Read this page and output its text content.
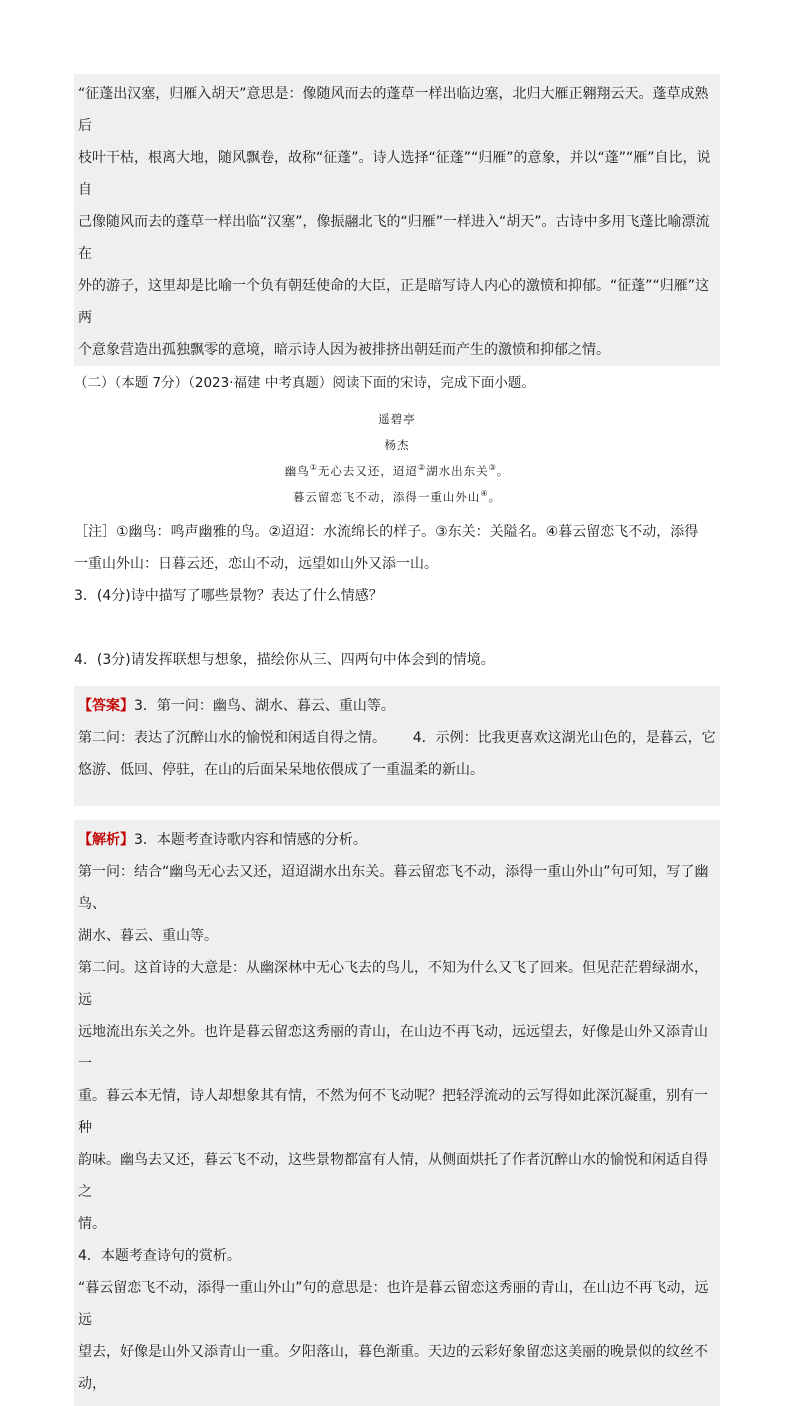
“征蓬出汉塞，归雁入胡天”意思是：像随风而去的蓬草一样出临边塞，北归大雁正翱翔云天。蓬草成熟后

枝叶干枯，根离大地，随风飘卷，故称“征蓬”。诗人选择“征蓬”“归雁”的意象，并以“蓬”“雁”自比，说自

己像随风而去的蓬草一样出临“汉塞”，像振翮北飞的“归雁”一样进入“胡天”。古诗中多用飞蓬比喻漂流在

外的游子，这里却是比喻一个负有朝廷使命的大臣，正是暗写诗人内心的激愤和抑郁。“征蓬”“归雁”这两

个意象营造出孤独飘零的意境，暗示诗人因为被排挤出朝廷而产生的激愤和抑郁之情。

（二）（本题 7分）（2023·福建 中考真题）阅读下面的宋诗，完成下面小题。

遥碧亭

杨杰

幽鸟①无心去又还，迢迢②湖水出东关③。

暮云留恋飞不动，添得一重山外山④。

［注］①幽鸟：鸣声幽雅的鸟。②迢迢：水流绵长的样子。③东关：关隘名。④暮云留恋飞不动，添得

一重山外山：日暮云还，恋山不动，远望如山外又添一山。

3．(4分)诗中描写了哪些景物？表达了什么情感？

4．(3分)请发挥联想与想象，描绘你从三、四两句中体会到的情境。

【答案】3．第一问：幽鸟、湖水、暮云、重山等。

第二问：表达了沉醉山水的愉悦和闲适自得之情。      4．示例：比我更喜欢这湖光山色的，是暮云，它

悠游、低回、停驻，在山的后面呆呆地依偎成了一重温柔的新山。

【解析】3．本题考查诗歌内容和情感的分析。

第一问：结合“幽鸟无心去又还，迢迢湖水出东关。暮云留恋飞不动，添得一重山外山”句可知，写了幽鸟、

湖水、暮云、重山等。

第二问。这首诗的大意是：从幽深林中无心飞去的鸟儿，不知为什么又飞了回来。但见茫茫碧绿湖水，远

远地流出东关之外。也许是暮云留恋这秀丽的青山，在山边不再飞动，远远望去，好像是山外又添青山一

重。暮云本无情，诗人却想象其有情，不然为何不飞动呢？把轻浮流动的云写得如此深沉凝重，别有一种

韵味。幽鸟去又还，暮云飞不动，这些景物都富有人情，从侧面烘托了作者沉醉山水的愉悦和闲适自得之

情。

4．本题考查诗句的赏析。

“暮云留恋飞不动，添得一重山外山”句的意思是：也许是暮云留恋这秀丽的青山，在山边不再飞动，远远

望去，好像是山外又添青山一重。夕阳落山，暮色渐重。天边的云彩好象留恋这美丽的晚景似的纹丝不动，
